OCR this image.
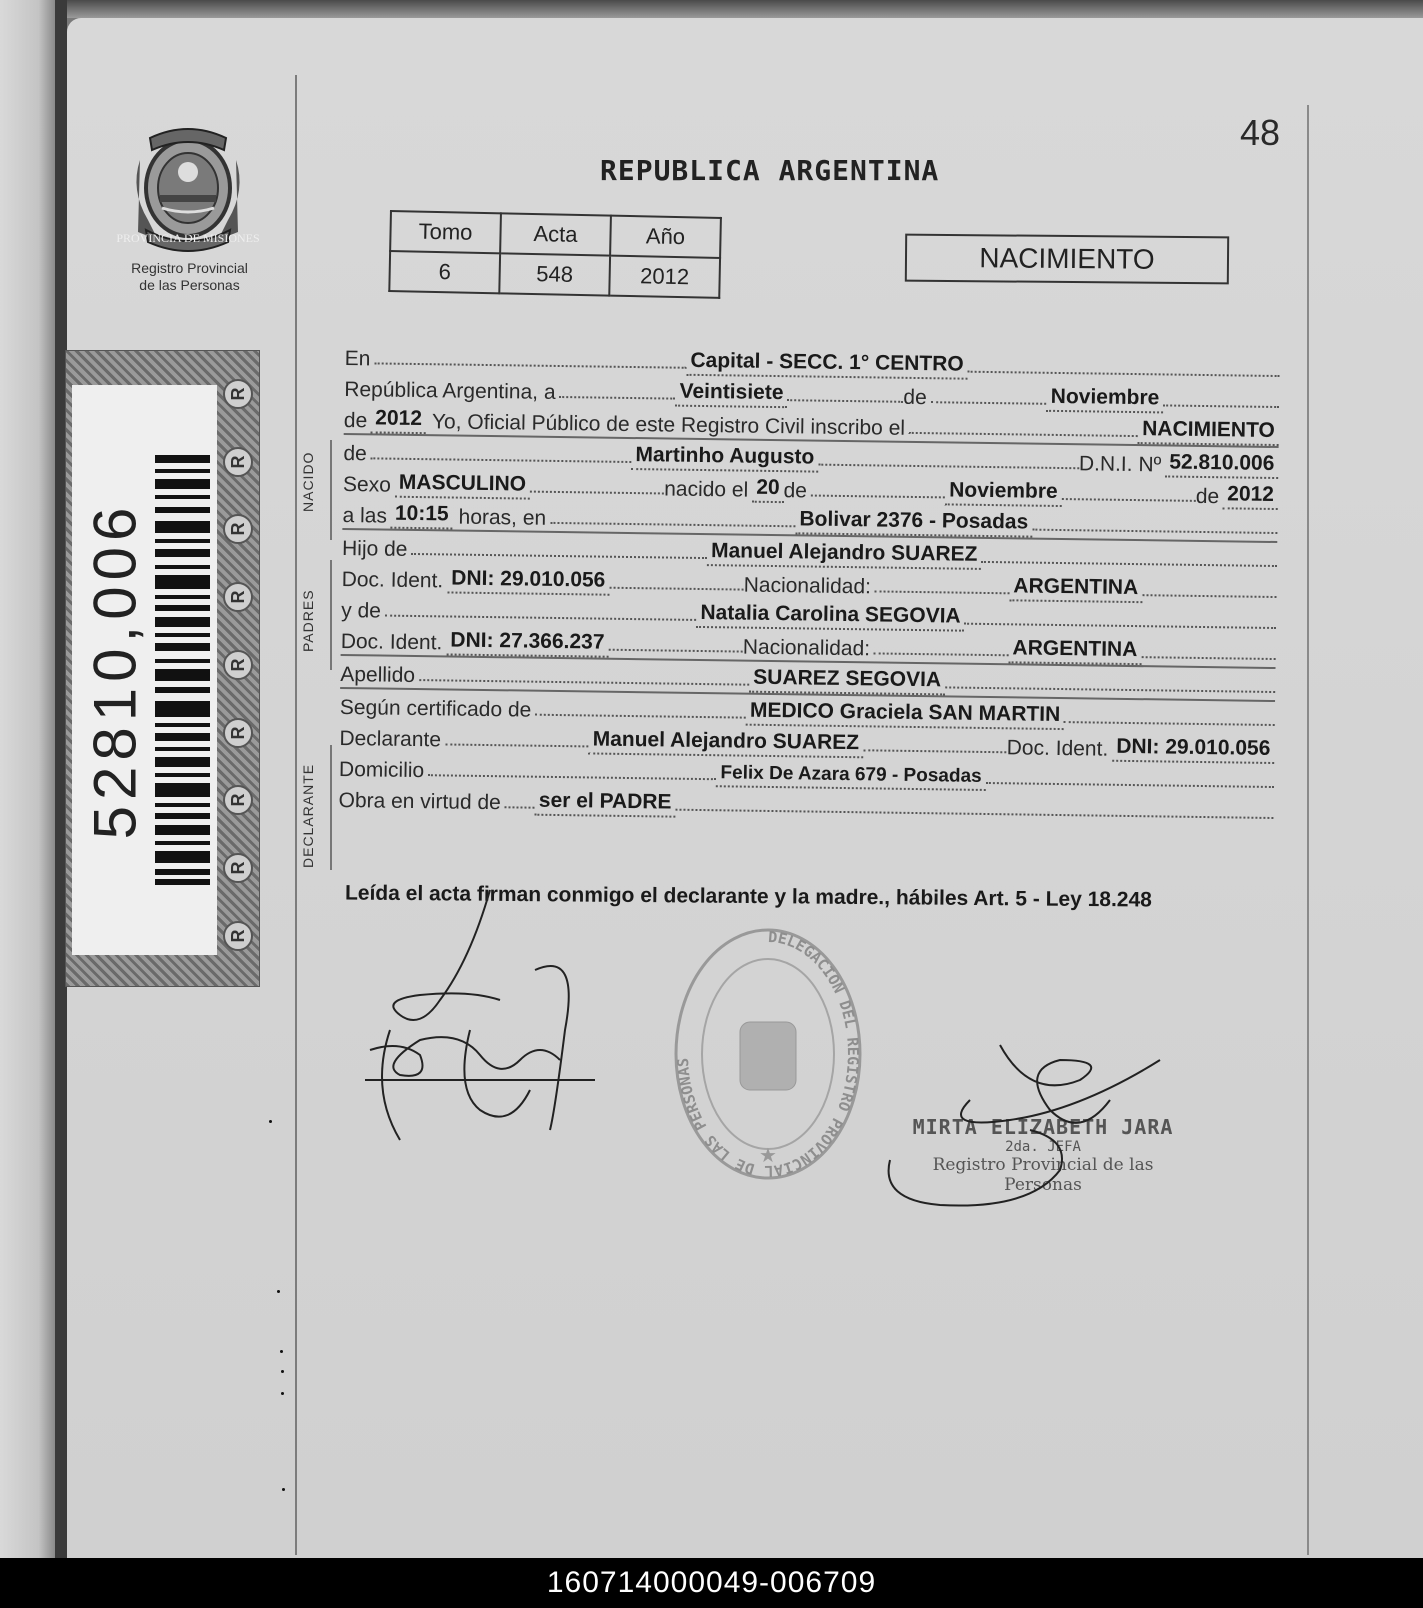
PROVINCIA DE MISIONES
Registro Provincial
de las Personas
52810,006
R
R
R
R
R
R
R
R
R
48
REPUBLICA ARGENTINA
Tomo	Acta	Año
6	548	2012
NACIMIENTO
NACIDO
PADRES
DECLARANTE
En	Capital - SECC. 1° CENTRO
República Argentina, a	Veintisiete	de	Noviembre
de 2012 Yo, Oficial Público de este Registro Civil inscribo el	NACIMIENTO
de	Martinho Augusto	D.N.I. Nº 52.810.006
Sexo MASCULINO	nacido el 20 de	Noviembre	de 2012
a las 10:15 horas, en	Bolivar 2376 - Posadas
Hijo de	Manuel Alejandro SUAREZ
Doc. Ident. DNI: 29.010.056	Nacionalidad:	ARGENTINA
y de	Natalia Carolina SEGOVIA
Doc. Ident. DNI: 27.366.237	Nacionalidad:	ARGENTINA
Apellido	SUAREZ SEGOVIA
Según certificado de	MEDICO Graciela SAN MARTIN
Declarante	Manuel Alejandro SUAREZ	Doc. Ident. DNI: 29.010.056
Domicilio	Felix De Azara 679 - Posadas
Obra en virtud de ser el PADRE
Leída el acta firman conmigo el declarante y la madre., hábiles Art. 5 - Ley 18.248
DELEGACION DEL REGISTRO PROVINCIAL DE LAS PERSONAS
★
MIRTA ELIZABETH JARA
2da. JEFA
Registro Provincial de las Personas
160714000049-006709
